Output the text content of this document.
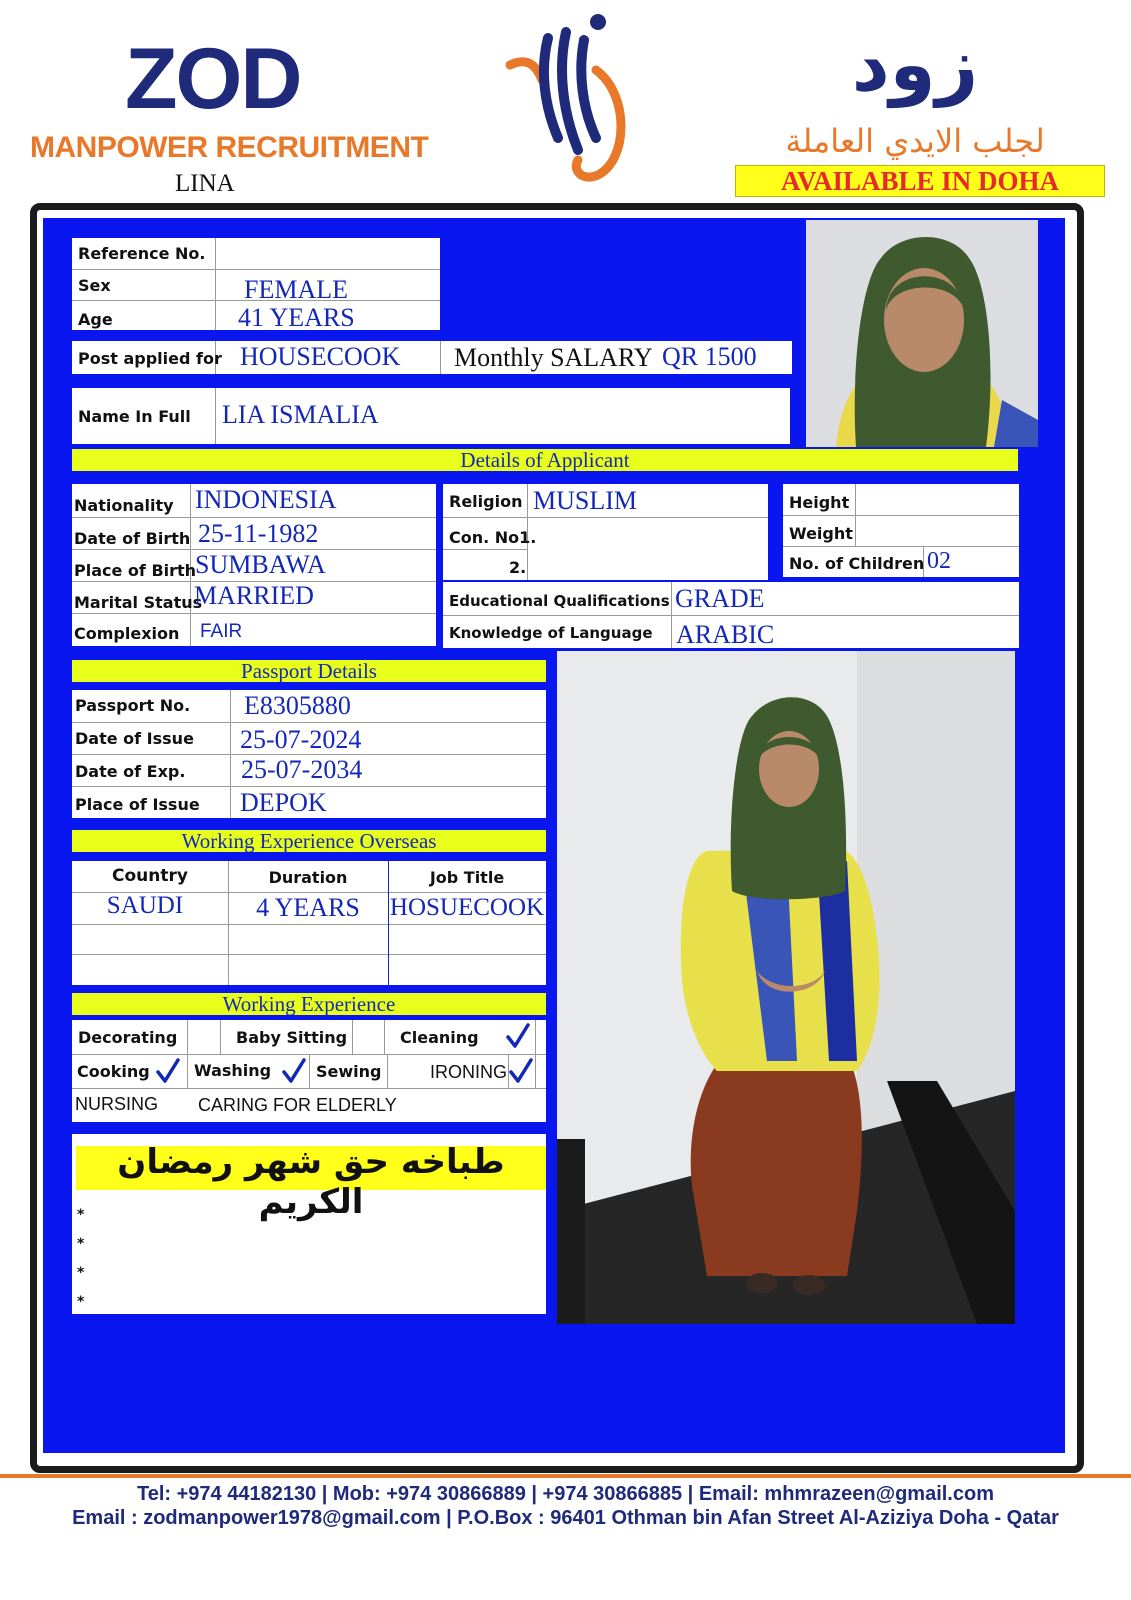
ZOD
MANPOWER RECRUITMENT
LINA
زود
لجلب الايدي العاملة
AVAILABLE IN DOHA
Reference No.
Sex	FEMALE
Age	41 YEARS
Post applied for HOUSECOOK Monthly SALARY QR 1500
Name In Full LIA ISMALIA
Details of Applicant
Nationality INDONESIA
Date of Birth 25-11-1982
Place of Birth
SUMBAWA
Marital Status
MARRIED
Complexion FAIR
Religion MUSLIM
Con. No1.
2.
Height
Weight
No. of Children 02
Educational Qualifications GRADE
Knowledge of Language ARABIC
Passport Details
Passport No. E8305880
Date of Issue 25-07-2024
Date of Exp. 25-07-2034
Place of Issue DEPOK
Working Experience Overseas
Country	Duration	Job Title
SAUDI	4 YEARS	HOSUECOOK
Working Experience
Decorating	Baby Sitting	Cleaning
Cooking	Washing	Sewing	IRONING
NURSING CARING FOR ELDERLY
طباخه حق شهر رمضان الكريم
*
*
*
*
Tel: +974 44182130 | Mob: +974 30866889 | +974 30866885 | Email: mhmrazeen@gmail.com
Email : zodmanpower1978@gmail.com | P.O.Box : 96401 Othman bin Afan Street Al-Aziziya Doha - Qatar
